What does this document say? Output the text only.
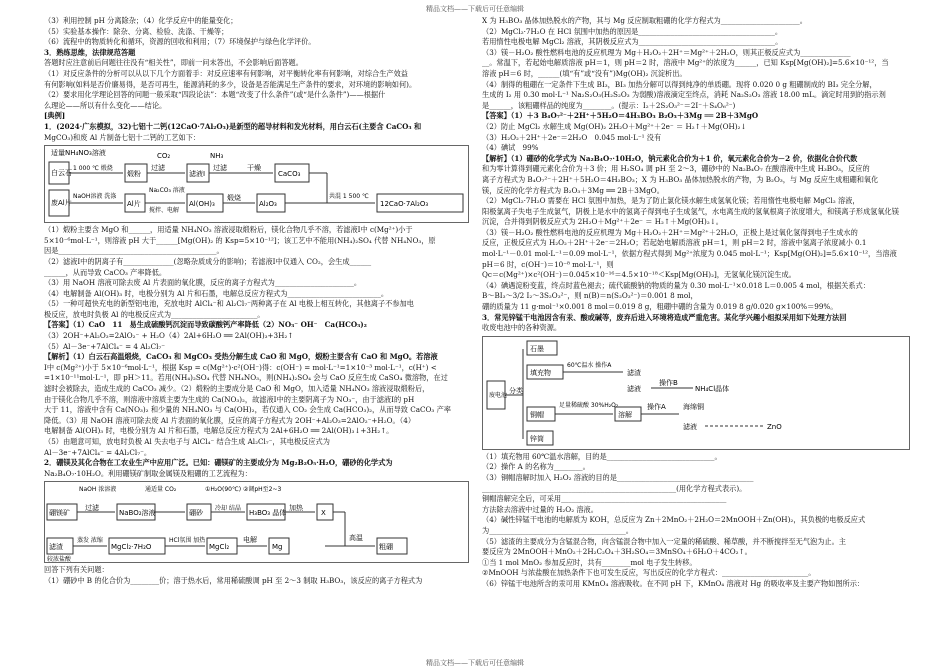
精品文档——下载后可任意编辑
（3）利用控制 pH 分离除杂；（4）化学反应中的能量变化；
（5）实验基本操作：除杂、分离、检验、洗涤、干燥等；
（6）流程中的物质转化和循环，资源的回收和利用；（7）环境保护与绿色化学评价。
3．熟练思维，法律规范答题
答题时应注意前后问题往往没有“相关性”，即前一问未答出，不会影响后面答题。
（1）对反应条件的分析可以从以下几个方面着手：对反应速率有何影响，对平衡转化率有何影响，对综合生产效益
有何影响(如料是否价廉易得，是否可再生，能源消耗的多少，设备是否能满足生产条件的要求，对环境的影响如何)。
（2）要求用化学理论回答的问题一般采取“四段论法”：本题“改变了什么条件”(或“是什么条件”)——根据什
么理论——所以有什么变化——结论。
[典例]
1．(2024·广东模拟，32)七铝十二钙(12CaO·7Al₂O₃)是新型的超导材料和发光材料，用白云石(主要含 CaCO₃ 和
MgCO₃)和废 Al 片制备七铝十二钙的工艺如下：
适量NH₄NO₃溶液
白云石
1 000 ℃ 煅烧
煅粉
过滤
滤液Ⅰ
CO₂	NH₃
过滤	干燥
CaCO₃
废Al片
NaOH溶液 洗涤
Al片
Na₂CO₃ 溶液
搅拌、电解
Al(OH)₃
煅烧
Al₂O₃
共混 1 500 ℃
12CaO·7Al₂O₃
（1）煅粉主要含 MgO 和______，用适量 NH₄NO₃ 溶液浸取煅粉后，镁化合物几乎不溶，若滤液Ⅰ中 c(Mg²⁺)小于
5×10⁻⁶mol·L⁻¹，则溶液 pH 大于______[Mg(OH)₂ 的 Ksp=5×10⁻¹²]；该工艺中不能用(NH₄)₂SO₄ 代替 NH₄NO₃，原
因是____________________________________________。
（2）滤液Ⅰ中的阴离子有______________(忽略杂质成分的影响)；若滤液Ⅰ中仅通入 CO₂，会生成______
______，从而导致 CaCO₃ 产率降低。
（3）用 NaOH 溶液可除去废 Al 片表面的氧化膜，反应的离子方程式为______________________。
（4）电解制备 Al(OH)₃ 时，电极分别为 Al 片和石墨，电解总反应方程式为__________________________。
（5）一种可超快充电的新型铝电池，充放电时 AlCl₄⁻和 Al₂Cl₇⁻两种离子在 Al 电极上相互转化，其他离子不参加电
极反应，放电时负极 Al 的电极反应式为________________________。
【答案】（1）CaO　11　易生成硫酸钙沉淀而导致碳酸钙产率降低（2）NO₃⁻ OH⁻　Ca(HCO₃)₂
（3）2OH⁻+Al₂O₃=2AlO₂⁻ + H₂O（4）2Al+6H₂O ══ 2Al(OH)₃+3H₂↑
（5）Al－3e⁻+7AlCl₄⁻ = 4 Al₂Cl₇⁻
【解析】（1）白云石高温煅烧，CaCO₃ 和 MgCO₃ 受热分解生成 CaO 和 MgO，煅粉主要含有 CaO 和 MgO。若溶液
Ⅰ中 c(Mg²⁺)小于 5×10⁻⁶mol·L⁻¹，根据 Ksp = c(Mg²⁺)·c²(OH⁻)得：c(OH⁻) = mol·L⁻¹=1×10⁻³ mol·L⁻¹，c(H⁺) <
=1×10⁻¹¹mol·L⁻¹，即 pH＞11。若用(NH₄)₂SO₄ 代替 NH₄NO₃，则(NH₄)₂SO₄ 会与 CaO 反应生成 CaSO₄ 微溶物，在过
滤时会被除去，造成生成的 CaCO₃ 减少。（2）煅粉的主要成分是 CaO 和 MgO，加入适量 NH₄NO₃ 溶液浸取煅粉后，
由于镁化合物几乎不溶，则溶液中溶质主要为生成的 Ca(NO₃)₂，故滤液Ⅰ中的主要阴离子为 NO₃⁻，由于滤液Ⅰ的 pH
大于 11，溶液中含有 Ca(NO₃)₂ 和少量的 NH₄NO₃ 与 Ca(OH)₂，若仅通入 CO₂ 会生成 Ca(HCO₃)₂，从而导致 CaCO₃ 产率
降低。（3）用 NaOH 溶液可除去废 Al 片表面的氧化膜，反应的离子方程式为 2OH⁻+Al₂O₃=2AlO₂⁻+H₂O。（4）
电解制备 Al(OH)₃ 时，电极分别为 Al 片和石墨，电解总反应方程式为 2Al+6H₂O ══ 2Al(OH)₃↓+3H₂↑。
（5）由题意可知，放电时负极 Al 失去电子与 AlCl₄⁻ 结合生成 Al₂Cl₇⁻，其电极反应式为
Al－3e⁻+7AlCl₄⁻ = 4Al₂Cl₇⁻。
2．硼镁及其化合物在工农业生产中应用广泛。已知：硼镁矿的主要成分为 Mg₂B₂O₅·H₂O，硼砂的化学式为
Na₂B₄O₇·10H₂O。利用硼镁矿制取金属镁及粗硼的工艺流程为：
NaOH 浓溶液	通适量 CO₂	①H₂O(90℃) ②调pH至2~3
硼镁矿
过滤
NaBO₂溶液	硼砂
冷却 结晶
H₃BO₃ 晶体
加热
X
高温
粗硼
滤渣
蒸发 浓缩
MgCl₂·7H₂O
HCl氛围 加热
MgCl₂
电解
Mg
较浓盐酸
回答下列有关问题：
（1）硼砂中 B 的化合价为________价；溶于热水后，常用稀硫酸调 pH 至 2～3 制取 H₃BO₃，该反应的离子方程式为
X 为 H₃BO₃ 晶体加热脱水的产物，其与 Mg 反应制取粗硼的化学方程式为______________________。
（2）MgCl₂·7H₂O 在 HCl 氛围中加热的原因是______________________________________。
若用惰性电极电解 MgCl₂ 溶液，其阴极反应式为______________________________________。
（3）镁－H₂O₂ 酸性燃料电池的反应机理为 Mg＋H₂O₂＋2H⁺＝Mg²⁺＋2H₂O，则其正极反应式为______________
__。常温下，若起始电解质溶液 pH＝1，则 pH＝2 时，溶液中 Mg²⁺的浓度为______，已知 Ksp[Mg(OH)₂]=5.6×10⁻¹²，当
溶液 pH＝6 时，______(填“有”或“没有”)Mg(OH)₂ 沉淀析出。
（4）制得的粗硼在一定条件下生成 BI₃，BI₃ 加热分解可以得到纯净的单质硼。现将 0.020 0 g 粗硼制成的 BI₃ 完全分解，
生成的 I₂ 用 0.30 mol·L⁻¹ Na₂S₂O₃(H₂S₂O₃ 为弱酸)溶液滴定至终点，消耗 Na₂S₂O₃ 溶液 18.00 mL。滴定时用到的指示剂
是______，该粗硼样品的纯度为________。(提示：I₂＋2S₂O₃²⁻＝2I⁻＋S₄O₆²⁻)
【答案】（1）＋3 B₄O₇²⁻＋2H⁺＋5H₂O＝4H₃BO₃ B₂O₃＋3Mg ══ 2B＋3MgO
（2）防止 MgCl₂ 水解生成 Mg(OH)₂ 2H₂O＋Mg²⁺＋2e⁻ ＝ H₂↑＋Mg(OH)₂↓
（3）H₂O₂＋2H⁺＋2e⁻＝2H₂O　0.045 mol·L⁻¹ 没有
（4）碘试　99%
【解析】（1）硼砂的化学式为 Na₂B₄O₇·10H₂O，钠元素化合价为＋1 价，氧元素化合价为－2 价，依据化合价代数
和为零计算得到硼元素化合价为＋3 价；用 H₂SO₄ 调 pH 至 2～3，硼砂中的 Na₂B₄O₇ 在酸溶液中生成 H₃BO₃，反应的
离子方程式为 B₄O₇²⁻＋2H⁺＋5H₂O＝4H₃BO₃；X 为 H₃BO₃ 晶体加热脱水的产物，为 B₂O₃，与 Mg 反应生成粗硼和氧化
镁，反应的化学方程式为 B₂O₃＋3Mg ══ 2B＋3MgO。
（2）MgCl₂·7H₂O 需要在 HCl 氛围中加热，是为了防止氯化镁水解生成氢氧化镁；若用惰性电极电解 MgCl₂ 溶液，
阳极氯离子失电子生成氯气，阴极上是水中的氢离子得到电子生成氢气，水电离生成的氢氧根离子浓度增大，和镁离子形成氢氧化镁
沉淀，合并得到阴极反应式为 2H₂O＋Mg²⁺＋2e⁻ ＝ H₂↑＋Mg(OH)₂↓。
（3）镁－H₂O₂ 酸性燃料电池的反应机理为 Mg＋H₂O₂＋2H⁺＝Mg²⁺＋2H₂O，正极上是过氧化氢得到电子生成水的
反应，正极反应式为 H₂O₂＋2H⁺＋2e⁻＝2H₂O；若起始电解质溶液 pH＝1，则 pH＝2 时，溶液中氢离子浓度减小 0.1
mol·L⁻¹－0.01 mol·L⁻¹＝0.09 mol·L⁻¹，依据方程式得到 Mg²⁺浓度为 0.045 mol·L⁻¹；Ksp[Mg(OH)₂]=5.6×10⁻¹²，当溶液
pH＝6 时，c(OH⁻)＝10⁻⁸ mol·L⁻¹，则
Qc＝c(Mg²⁺)×c²(OH⁻)＝0.045×10⁻¹⁶＝4.5×10⁻¹⁸＜Ksp[Mg(OH)₂]，无氢氧化镁沉淀生成。
（4）碘遇淀粉变蓝，终点时蓝色褪去；硫代硫酸钠的物质的量为 0.30 mol·L⁻¹×0.018 L＝0.005 4 mol，根据关系式：
B～BI₃～3/2 I₂～3S₂O₃²⁻，则 n(B)＝n(S₂O₃²⁻)＝0.001 8 mol，
硼的质量为 11 g·mol⁻¹×0.001 8 mol＝0.019 8 g，粗硼中硼的含量为 0.019 8 g/0.020 g×100%＝99%。
3．常见锌锰干电池因含有汞、酸或碱等，废弃后进入环境将造成严重危害。某化学兴趣小组拟采用如下处理方法回
收废电池中的各种资源。
废电池
分类
石墨
填充物
60℃温水 操作A
滤渣
滤液
操作B
NH₄Cl晶体
铜帽
足量稀硫酸 30%H₂O₂
溶解
操作A 海绵铜
滤液	ZnO
锌筒
（1）填充物用 60℃温水溶解，目的是______________________________。
（2）操作 A 的名称为________。
（3）铜帽溶解时加入 H₂O₂ 溶液的目的是______________________________________
______________________________________________________(用化学方程式表示)。
铜帽溶解完全后，可采用______________________________________________
方法除去溶液中过量的 H₂O₂ 溶液。
（4）碱性锌锰干电池的电解质为 KOH，总反应为 Zn＋2MnO₂＋2H₂O＝2MnOOH＋Zn(OH)₂，其负极的电极反应式
为______________________________________。
（5）滤渣的主要成分为含锰混合物，向含锰混合物中加入一定量的稀硫酸、稀草酸，并不断搅拌至无气泡为止。主
要反应为 2MnOOH＋MnO₂＋2H₂C₂O₄＋3H₂SO₄＝3MnSO₄＋6H₂O＋4CO₂↑。
①当 1 mol MnO₂ 参加反应时，共有________mol 电子发生转移。
②MnOOH 与浓盐酸在加热条件下也可发生反应，写出反应的化学方程式：________________________。
（6）锌锰干电池所含的汞可用 KMnO₄ 溶液吸收。在不同 pH 下，KMnO₄ 溶液对 Hg 的吸收率及主要产物如图所示：
精品文档——下载后可任意编辑
